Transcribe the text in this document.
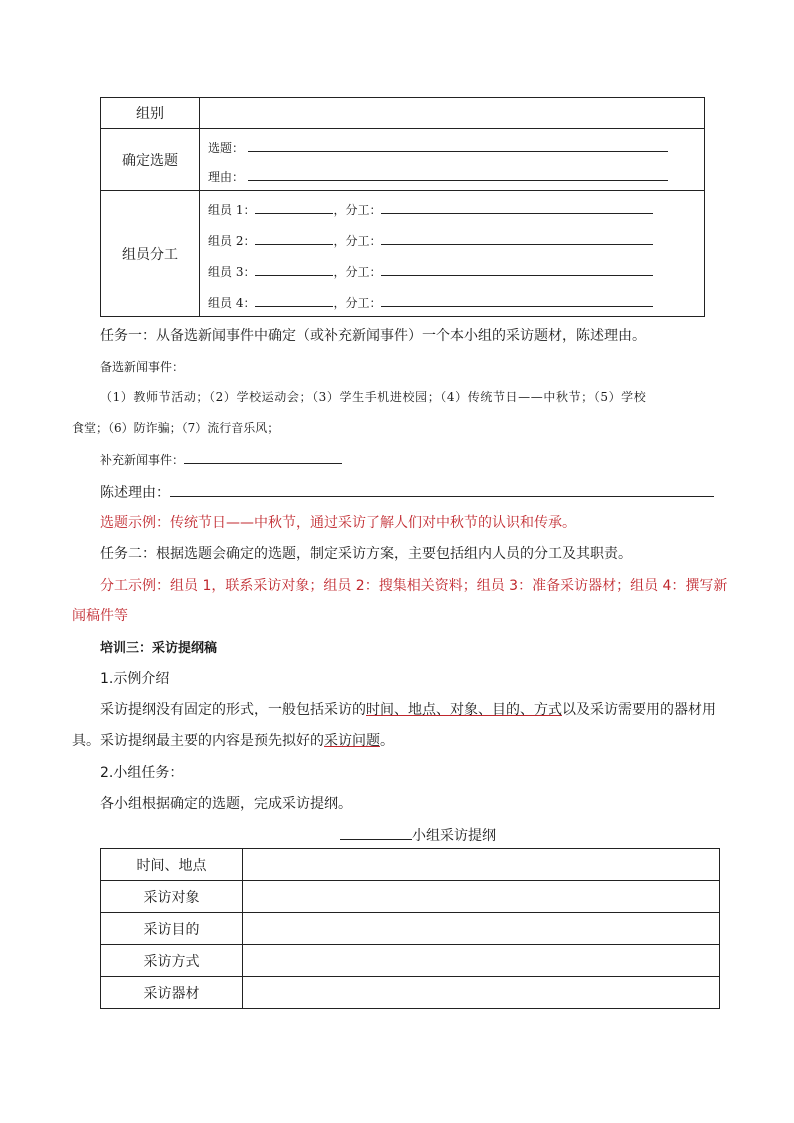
组别	
确定选题	选题：
理由：

组员分工	组员 1： ，分工：
组员 2： ，分工：
组员 3： ，分工：
组员 4： ，分工：

任务一：从备选新闻事件中确定（或补充新闻事件）一个本小组的采访题材，陈述理由。

备选新闻事件：

（1）教师节活动；（2）学校运动会；（3）学生手机进校园；（4）传统节日——中秋节；（5）学校

食堂；（6）防诈骗；（7）流行音乐风；

补充新闻事件：

陈述理由：

选题示例：传统节日——中秋节，通过采访了解人们对中秋节的认识和传承。

任务二：根据选题会确定的选题，制定采访方案，主要包括组内人员的分工及其职责。

分工示例：组员 1，联系采访对象；组员 2：搜集相关资料；组员 3：准备采访器材；组员 4：撰写新

闻稿件等

培训三：采访提纲稿

1.示例介绍

采访提纲没有固定的形式，一般包括采访的时间、地点、对象、目的、方式以及采访需要用的器材用

具。采访提纲最主要的内容是预先拟好的采访问题。

2.小组任务：

各小组根据确定的选题，完成采访提纲。

小组采访提纲

时间、地点	
采访对象	
采访目的	
采访方式	
采访器材	
